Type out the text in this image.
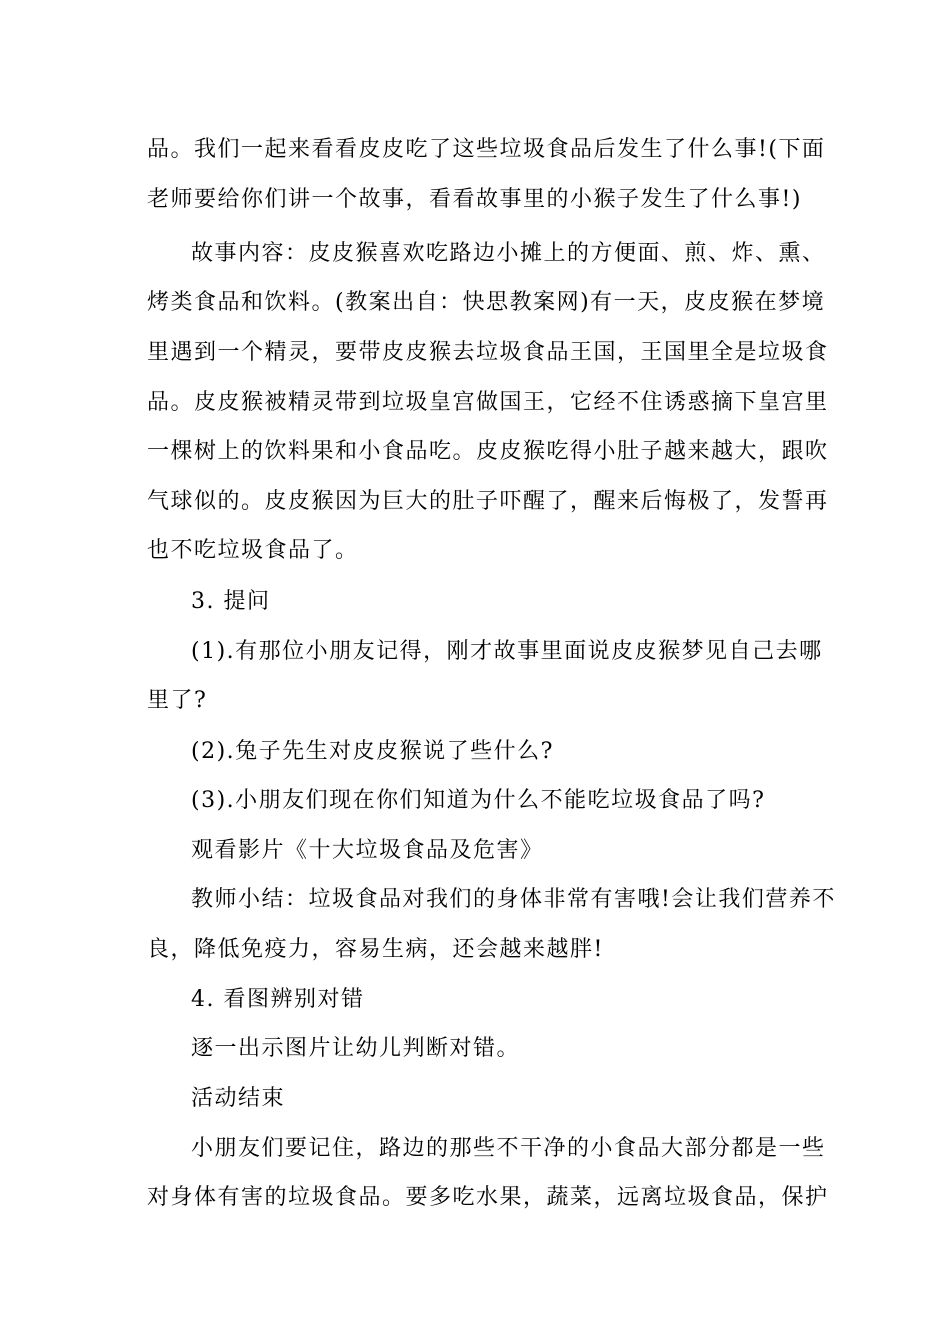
品。我们一起来看看皮皮吃了这些垃圾食品后发生了什么事!(下面
老师要给你们讲一个故事，看看故事里的小猴子发生了什么事!)
故事内容：皮皮猴喜欢吃路边小摊上的方便面、煎、炸、熏、
烤类食品和饮料。(教案出自：快思教案网)有一天，皮皮猴在梦境
里遇到一个精灵，要带皮皮猴去垃圾食品王国，王国里全是垃圾食
品。皮皮猴被精灵带到垃圾皇宫做国王，它经不住诱惑摘下皇宫里
一棵树上的饮料果和小食品吃。皮皮猴吃得小肚子越来越大，跟吹
气球似的。皮皮猴因为巨大的肚子吓醒了，醒来后悔极了，发誓再
也不吃垃圾食品了。
3. 提问
(1).有那位小朋友记得，刚才故事里面说皮皮猴梦见自己去哪
里了?
(2).兔子先生对皮皮猴说了些什么?
(3).小朋友们现在你们知道为什么不能吃垃圾食品了吗?
观看影片《十大垃圾食品及危害》
教师小结：垃圾食品对我们的身体非常有害哦!会让我们营养不
良，降低免疫力，容易生病，还会越来越胖!
4. 看图辨别对错
逐一出示图片让幼儿判断对错。
活动结束
小朋友们要记住，路边的那些不干净的小食品大部分都是一些
对身体有害的垃圾食品。要多吃水果，蔬菜，远离垃圾食品，保护
